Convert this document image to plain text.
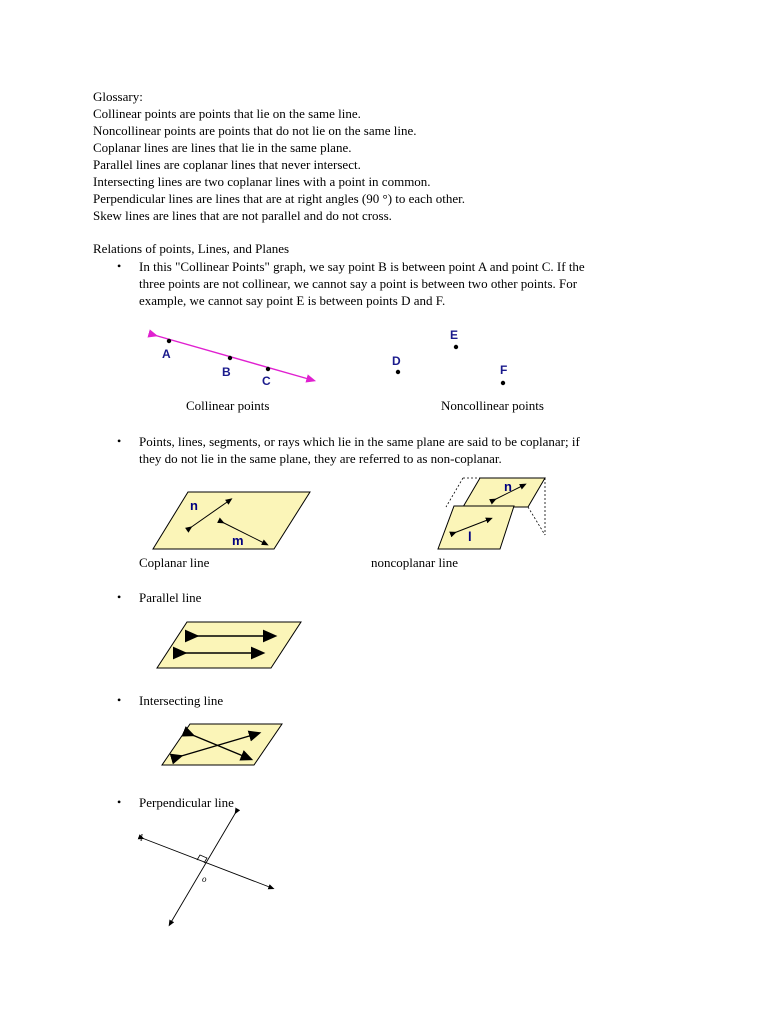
Glossary:
Collinear points are points that lie on the same line.
Noncollinear points are points that do not lie on the same line.
Coplanar lines are lines that lie in the same plane.
Parallel lines are coplanar lines that never intersect.
Intersecting lines are two coplanar lines with a point in common.
Perpendicular lines are lines that are at right angles (90 °) to each other.
Skew lines are lines that are not parallel and do not cross.
Relations of points, Lines, and Planes
• In this "Collinear Points" graph, we say point B is between point A and point C. If the
three points are not collinear, we cannot say a point is between two other points. For
example, we cannot say point E is between points D and F.
A
B
C
Collinear points
E
D
F
Noncollinear points
• Points, lines, segments, or rays which lie in the same plane are said to be coplanar; if
they do not lie in the same plane, they are referred to as non-coplanar.
n
m
Coplanar line
n
l
noncoplanar line
• Parallel line
• Intersecting line
• Perpendicular line
l
o
